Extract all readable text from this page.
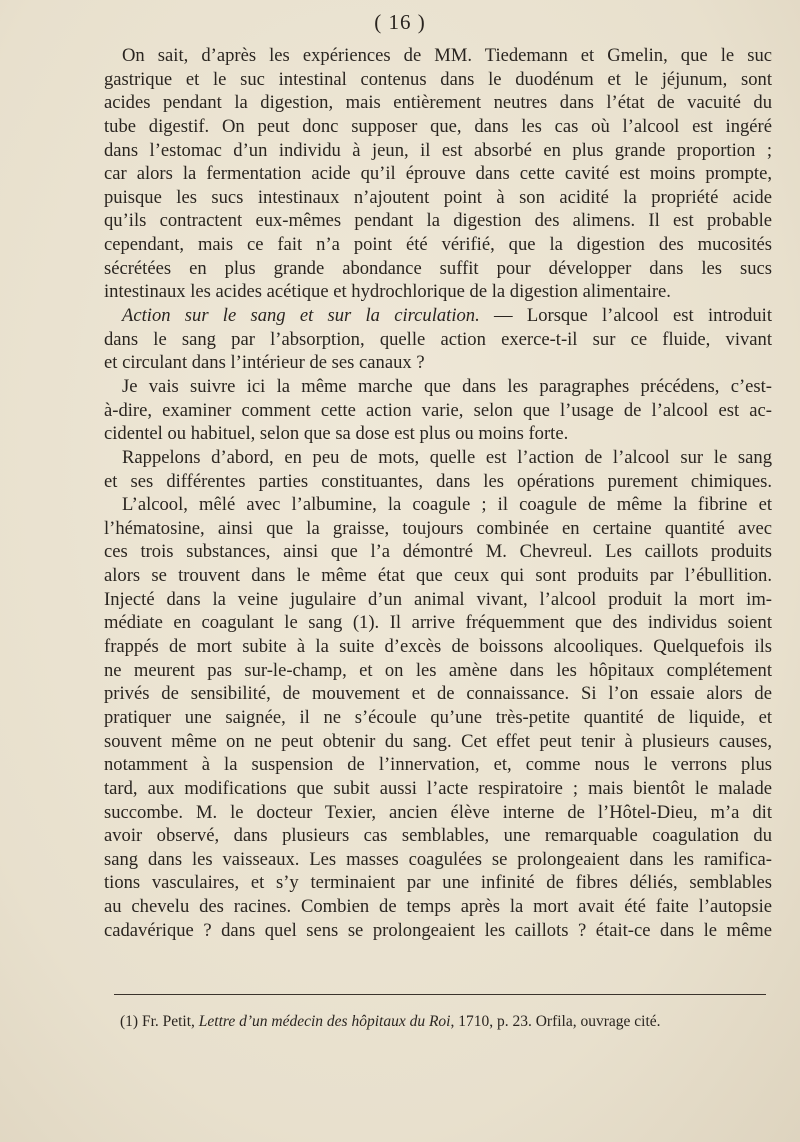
( 16 )
On sait, d’après les expériences de MM. Tiedemann et Gmelin, que le suc
gastrique et le suc intestinal contenus dans le duodénum et le jéjunum, sont
acides pendant la digestion, mais entièrement neutres dans l’état de vacuité du
tube digestif. On peut donc supposer que, dans les cas où l’alcool est ingéré
dans l’estomac d’un individu à jeun, il est absorbé en plus grande proportion ;
car alors la fermentation acide qu’il éprouve dans cette cavité est moins prompte,
puisque les sucs intestinaux n’ajoutent point à son acidité la propriété acide
qu’ils contractent eux-mêmes pendant la digestion des alimens. Il est probable
cependant, mais ce fait n’a point été vérifié, que la digestion des mucosités
sécrétées en plus grande abondance suffit pour développer dans les sucs
intestinaux les acides acétique et hydrochlorique de la digestion alimentaire.
Action sur le sang et sur la circulation. — Lorsque l’alcool est introduit
dans le sang par l’absorption, quelle action exerce-t-il sur ce fluide, vivant
et circulant dans l’intérieur de ses canaux ?
Je vais suivre ici la même marche que dans les paragraphes précédens, c’est-
à-dire, examiner comment cette action varie, selon que l’usage de l’alcool est ac-
cidentel ou habituel, selon que sa dose est plus ou moins forte.
Rappelons d’abord, en peu de mots, quelle est l’action de l’alcool sur le sang
et ses différentes parties constituantes, dans les opérations purement chimiques.
L’alcool, mêlé avec l’albumine, la coagule ; il coagule de même la fibrine et
l’hématosine, ainsi que la graisse, toujours combinée en certaine quantité avec
ces trois substances, ainsi que l’a démontré M. Chevreul. Les caillots produits
alors se trouvent dans le même état que ceux qui sont produits par l’ébullition.
Injecté dans la veine jugulaire d’un animal vivant, l’alcool produit la mort im-
médiate en coagulant le sang (1). Il arrive fréquemment que des individus soient
frappés de mort subite à la suite d’excès de boissons alcooliques. Quelquefois ils
ne meurent pas sur-le-champ, et on les amène dans les hôpitaux complétement
privés de sensibilité, de mouvement et de connaissance. Si l’on essaie alors de
pratiquer une saignée, il ne s’écoule qu’une très-petite quantité de liquide, et
souvent même on ne peut obtenir du sang. Cet effet peut tenir à plusieurs causes,
notamment à la suspension de l’innervation, et, comme nous le verrons plus
tard, aux modifications que subit aussi l’acte respiratoire ; mais bientôt le malade
succombe. M. le docteur Texier, ancien élève interne de l’Hôtel-Dieu, m’a dit
avoir observé, dans plusieurs cas semblables, une remarquable coagulation du
sang dans les vaisseaux. Les masses coagulées se prolongeaient dans les ramifica-
tions vasculaires, et s’y terminaient par une infinité de fibres déliés, semblables
au chevelu des racines. Combien de temps après la mort avait été faite l’autopsie
cadavérique ? dans quel sens se prolongeaient les caillots ? était-ce dans le même
(1) Fr. Petit, Lettre d’un médecin des hôpitaux du Roi, 1710, p. 23. Orfila, ouvrage cité.
